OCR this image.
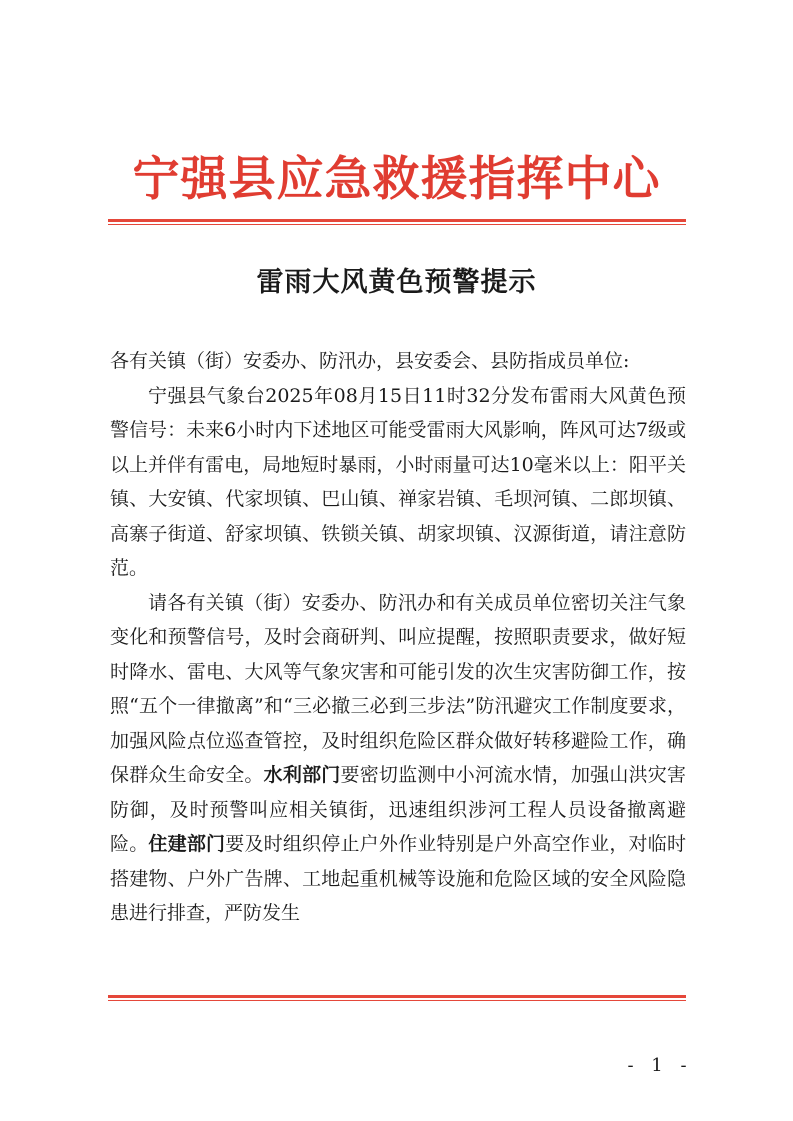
宁强县应急救援指挥中心
雷雨大风黄色预警提示

各有关镇（街）安委办、防汛办，县安委会、县防指成员单位:

宁强县气象台2025年08月15日11时32分发布雷雨大风黄色预警信号：未来6小时内下述地区可能受雷雨大风影响，阵风可达7级或以上并伴有雷电，局地短时暴雨，小时雨量可达10毫米以上：阳平关镇、大安镇、代家坝镇、巴山镇、禅家岩镇、毛坝河镇、二郎坝镇、高寨子街道、舒家坝镇、铁锁关镇、胡家坝镇、汉源街道，请注意防范。

请各有关镇（街）安委办、防汛办和有关成员单位密切关注气象变化和预警信号，及时会商研判、叫应提醒，按照职责要求，做好短时降水、雷电、大风等气象灾害和可能引发的次生灾害防御工作，按照“五个一律撤离”和“三必撤三必到三步法”防汛避灾工作制度要求，加强风险点位巡查管控，及时组织危险区群众做好转移避险工作，确保群众生命安全。水利部门要密切监测中小河流水情，加强山洪灾害防御，及时预警叫应相关镇街，迅速组织涉河工程人员设备撤离避险。住建部门要及时组织停止户外作业特别是户外高空作业，对临时搭建物、户外广告牌、工地起重机械等设施和危险区域的安全风险隐患进行排查，严防发生

- 1 -
